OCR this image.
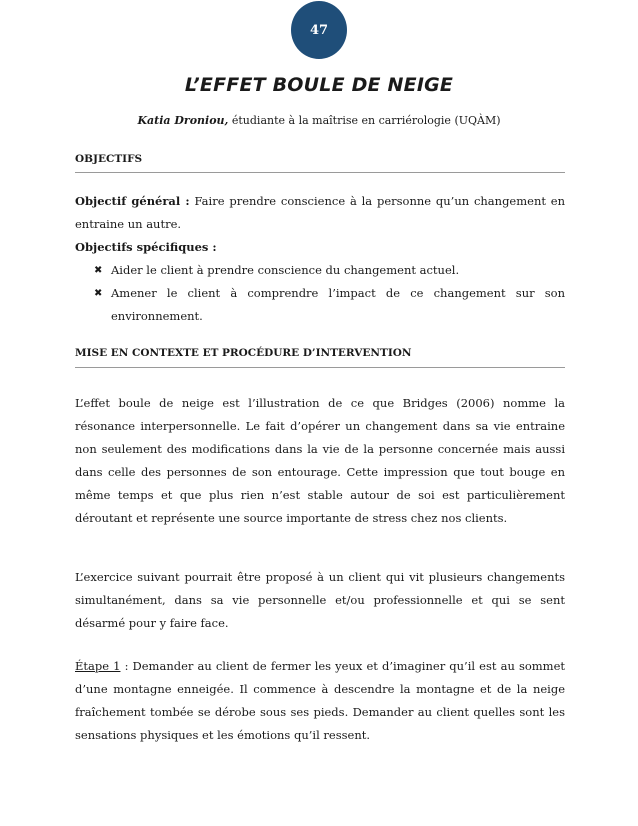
47
L’EFFET BOULE DE NEIGE

Katia Droniou, étudiante à la maîtrise en carriérologie (UQÀM)

OBJECTIFS

Objectif général : Faire prendre conscience à la personne qu’un changement en entraine un autre.

Objectifs spécifiques :

✖ Aider le client à prendre conscience du changement actuel.
✖ Amener le client à comprendre l’impact de ce changement sur son environnement.
MISE EN CONTEXTE ET PROCÉDURE D’INTERVENTION

L’effet boule de neige est l’illustration de ce que Bridges (2006) nomme la résonance interpersonnelle. Le fait d’opérer un changement dans sa vie entraine non seulement des modifications dans la vie de la personne concernée mais aussi dans celle des personnes de son entourage. Cette impression que tout bouge en même temps et que plus rien n’est stable autour de soi est particulièrement déroutant et représente une source importante de stress chez nos clients.

L’exercice suivant pourrait être proposé à un client qui vit plusieurs changements simultanément, dans sa vie personnelle et/ou professionnelle et qui se sent désarmé pour y faire face.

Étape 1 : Demander au client de fermer les yeux et d’imaginer qu’il est au sommet d’une montagne enneigée. Il commence à descendre la montagne et de la neige fraîchement tombée se dérobe sous ses pieds. Demander au client quelles sont les sensations physiques et les émotions qu’il ressent.
